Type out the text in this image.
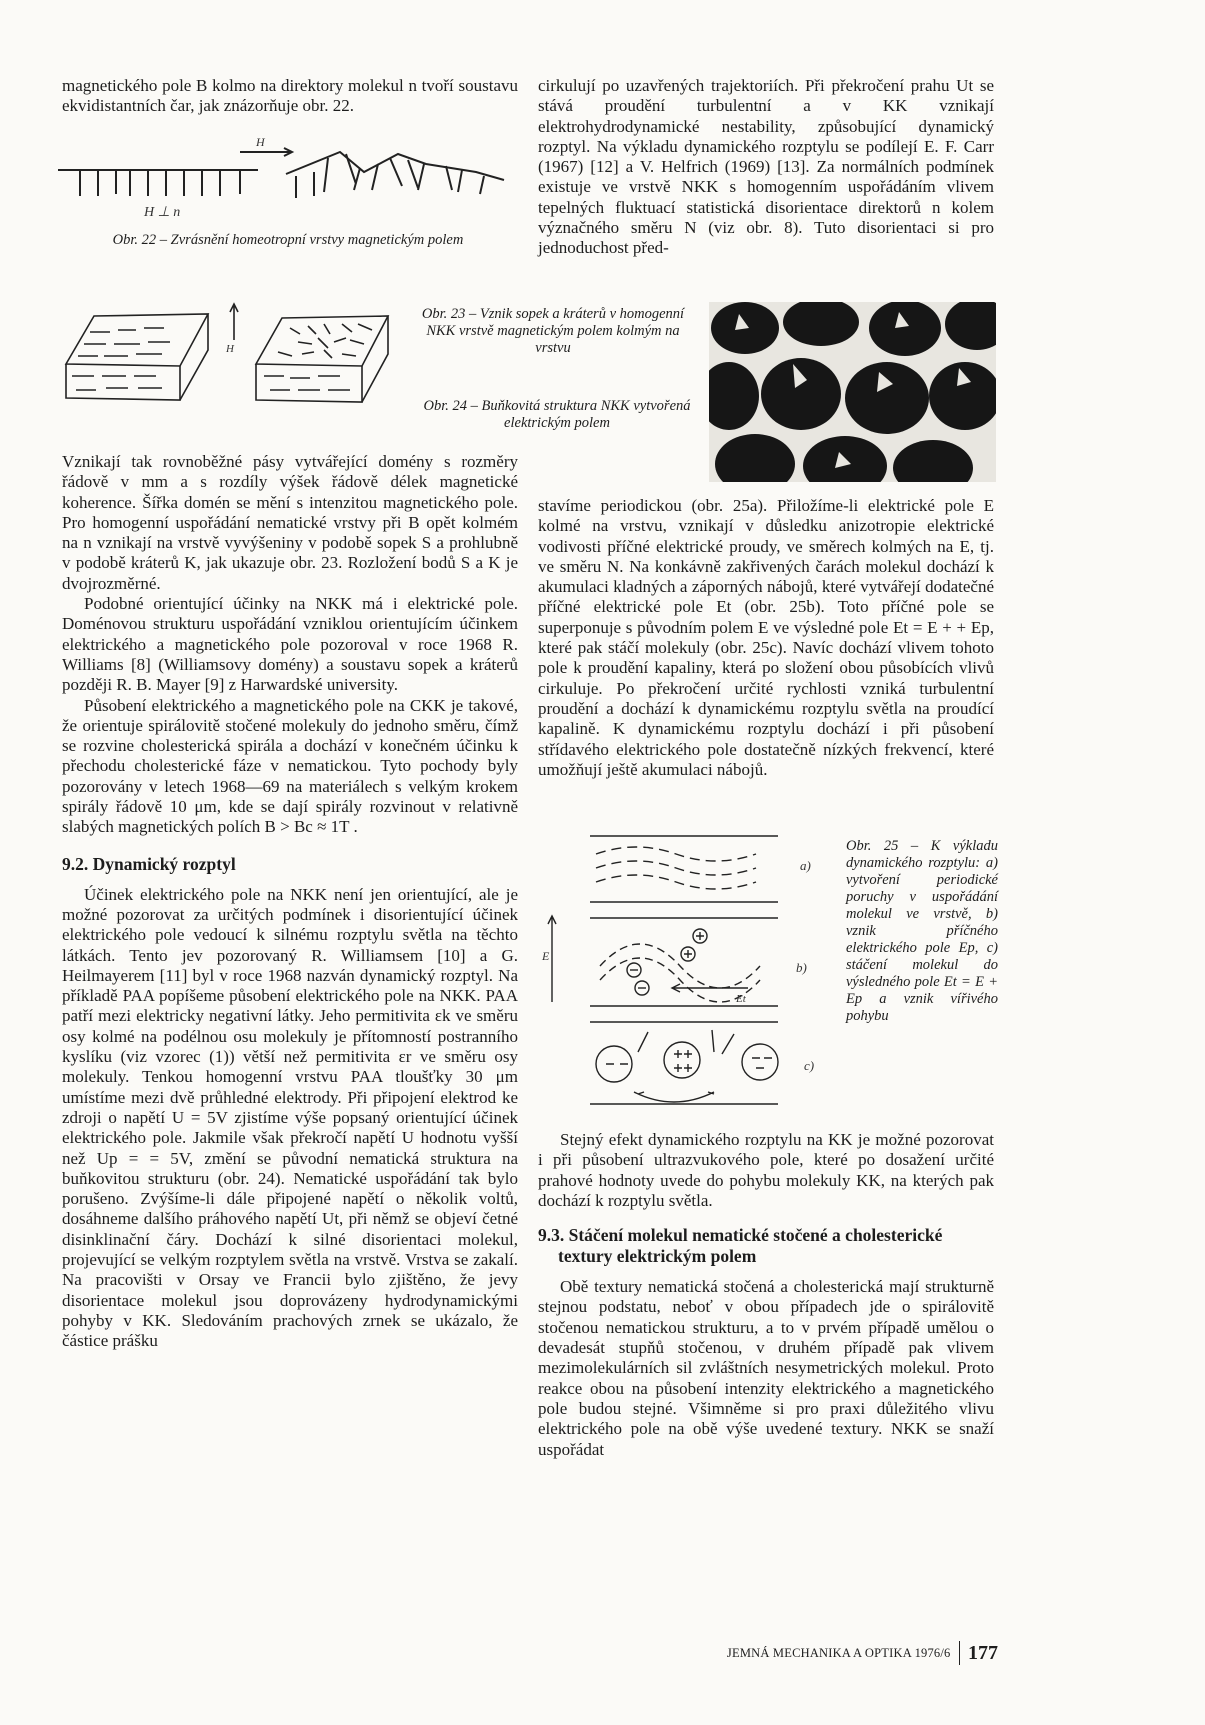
magnetického pole B kolmo na direktory molekul n tvoří soustavu ekvidistantních čar, jak znázorňuje obr. 22.

H
H ⊥ n
Obr. 22 – Zvrásnění homeotropní vrstvy magnetickým polem

cirkulují po uzavřených trajektoriích. Při překročení prahu Ut se stává proudění turbulentní a v KK vznikají elektrohydrodynamické nestability, způsobující dynamický rozptyl. Na výkladu dynamického rozptylu se podílejí E. F. Carr (1967) [12] a V. Helfrich (1969) [13]. Za normálních podmínek existuje ve vrstvě NKK s homogenním uspořádáním vlivem tepelných fluktuací statistická disorientace direktorů n kolem význačného směru N (viz obr. 8). Tuto disorientaci si pro jednoduchost před-

H
Obr. 23 – Vznik sopek a kráterů v homogenní NKK vrstvě magnetickým polem kolmým na vrstvu
Obr. 24 – Buňkovitá struktura NKK vytvořená elektrickým polem

Vznikají tak rovnoběžné pásy vytvářející domény s rozměry řádově v mm a s rozdíly výšek řádově délek magnetické koherence. Šířka domén se mění s intenzitou magnetického pole. Pro homogenní uspořádání nematické vrstvy při B opět kolmém na n vznikají na vrstvě vyvýšeniny v podobě sopek S a prohlubně v podobě kráterů K, jak ukazuje obr. 23. Rozložení bodů S a K je dvojrozměrné.

Podobné orientující účinky na NKK má i elektrické pole. Doménovou strukturu uspořádání vzniklou orientujícím účinkem elektrického a magnetického pole pozoroval v roce 1968 R. Williams [8] (Williamsovy domény) a soustavu sopek a kráterů později R. B. Mayer [9] z Harwardské university.

Působení elektrického a magnetického pole na CKK je takové, že orientuje spirálovitě stočené molekuly do jednoho směru, čímž se rozvine cholesterická spirála a dochází v konečném účinku k přechodu cholesterické fáze v nematickou. Tyto pochody byly pozorovány v letech 1968—69 na materiálech s velkým krokem spirály řádově 10 μm, kde se dají spirály rozvinout v relativně slabých magnetických polích B > Bc ≈ 1T .

9.2. Dynamický rozptyl

Účinek elektrického pole na NKK není jen orientující, ale je možné pozorovat za určitých podmínek i disorientující účinek elektrického pole vedoucí k silnému rozptylu světla na těchto látkách. Tento jev pozorovaný R. Williamsem [10] a G. Heilmayerem [11] byl v roce 1968 nazván dynamický rozptyl. Na příkladě PAA popíšeme působení elektrického pole na NKK. PAA patří mezi elektricky negativní látky. Jeho permitivita εk ve směru osy kolmé na podélnou osu molekuly je přítomností postranního kyslíku (viz vzorec (1)) větší než permitivita εr ve směru osy molekuly. Tenkou homogenní vrstvu PAA tloušťky 30 μm umístíme mezi dvě průhledné elektrody. Při připojení elektrod ke zdroji o napětí U = 5V zjistíme výše popsaný orientující účinek elektrického pole. Jakmile však překročí napětí U hodnotu vyšší než Up = = 5V, změní se původní nematická struktura na buňkovitou strukturu (obr. 24). Nematické uspořádání tak bylo porušeno. Zvýšíme-li dále připojené napětí o několik voltů, dosáhneme dalšího práhového napětí Ut, při němž se objeví četné disinklinační čáry. Dochází k silné disorientaci molekul, projevující se velkým rozptylem světla na vrstvě. Vrstva se zakalí. Na pracovišti v Orsay ve Francii bylo zjištěno, že jevy disorientace molekul jsou doprovázeny hydrodynamickými pohyby v KK. Sledováním prachových zrnek se ukázalo, že částice prášku

stavíme periodickou (obr. 25a). Přiložíme-li elektrické pole E kolmé na vrstvu, vznikají v důsledku anizotropie elektrické vodivosti příčné elektrické proudy, ve směrech kolmých na E, tj. ve směru N. Na konkávně zakřivených čarách molekul dochází k akumulaci kladných a záporných nábojů, které vytvářejí dodatečné příčné elektrické pole Et (obr. 25b). Toto příčné pole se superponuje s původním polem E ve výsledné pole Et = E + + Ep, které pak stáčí molekuly (obr. 25c). Navíc dochází vlivem tohoto pole k proudění kapaliny, která po složení obou působících vlivů cirkuluje. Po překročení určité rychlosti vzniká turbulentní proudění a dochází k dynamickému rozptylu světla na proudící kapalině. K dynamickému rozptylu dochází i při působení střídavého elektrického pole dostatečně nízkých frekvencí, které umožňují ještě akumulaci nábojů.

a)
b)
c)
E
Et
Obr. 25 – K výkladu dynamického rozptylu: a) vytvoření periodické poruchy v uspořádání molekul ve vrstvě, b) vznik příčného elektrického pole Ep, c) stáčení molekul do výsledného pole Et = E + Ep a vznik vířivého pohybu

Stejný efekt dynamického rozptylu na KK je možné pozorovat i při působení ultrazvukového pole, které po dosažení určité prahové hodnoty uvede do pohybu molekuly KK, na kterých pak dochází k rozptylu světla.

9.3. Stáčení molekul nematické stočené a cholesterické textury elektrickým polem

Obě textury nematická stočená a cholesterická mají strukturně stejnou podstatu, neboť v obou případech jde o spirálovitě stočenou nematickou strukturu, a to v prvém případě umělou o devadesát stupňů stočenou, v druhém případě pak vlivem mezimolekulárních sil zvláštních nesymetrických molekul. Proto reakce obou na působení intenzity elektrického a magnetického pole budou stejné. Všimněme si pro praxi důležitého vlivu elektrického pole na obě výše uvedené textury. NKK se snaží uspořádat

JEMNÁ MECHANIKA A OPTIKA 1976/6 177
